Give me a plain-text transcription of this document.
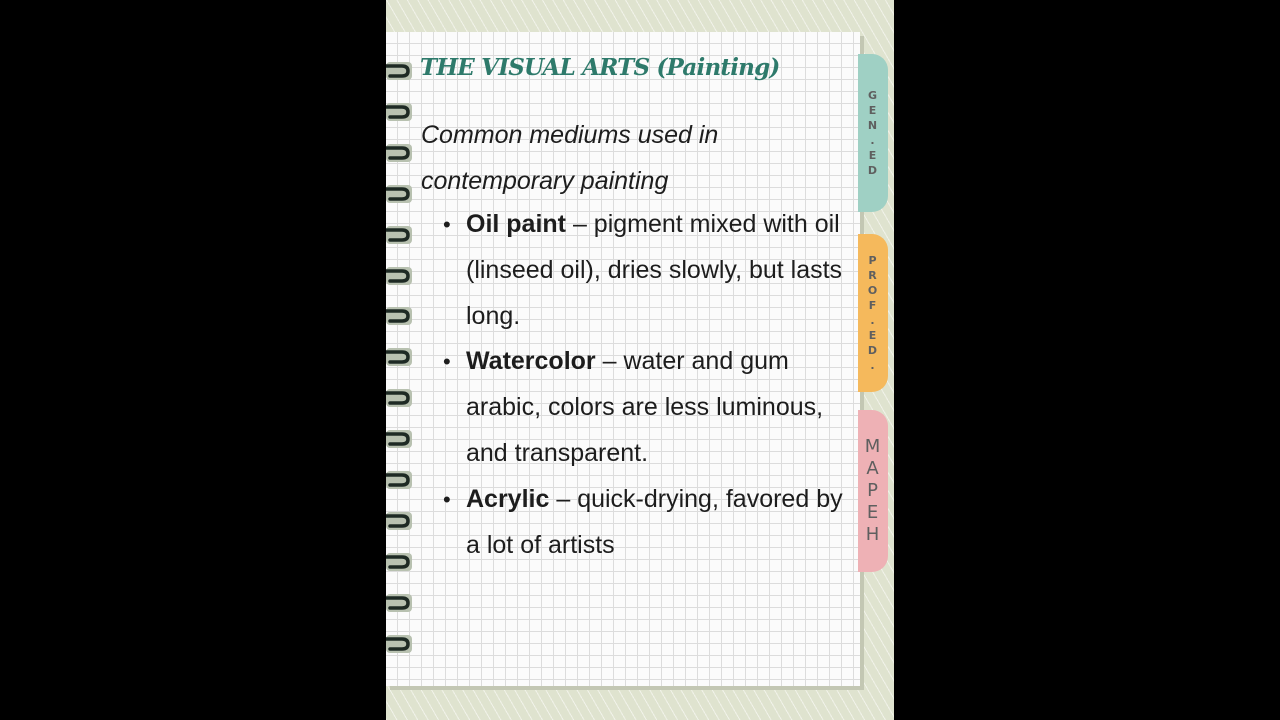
G
E
N
.
E
D
P
R
O
F
.
E
D
.
M
A
P
E
H
THE VISUAL ARTS (Painting)
Common mediums used in contemporary painting
• Oil paint – pigment mixed with oil (linseed oil), dries slowly, but lasts long.
• Watercolor – water and gum arabic, colors are less luminous, and transparent.
• Acrylic – quick-drying, favored by a lot of artists
